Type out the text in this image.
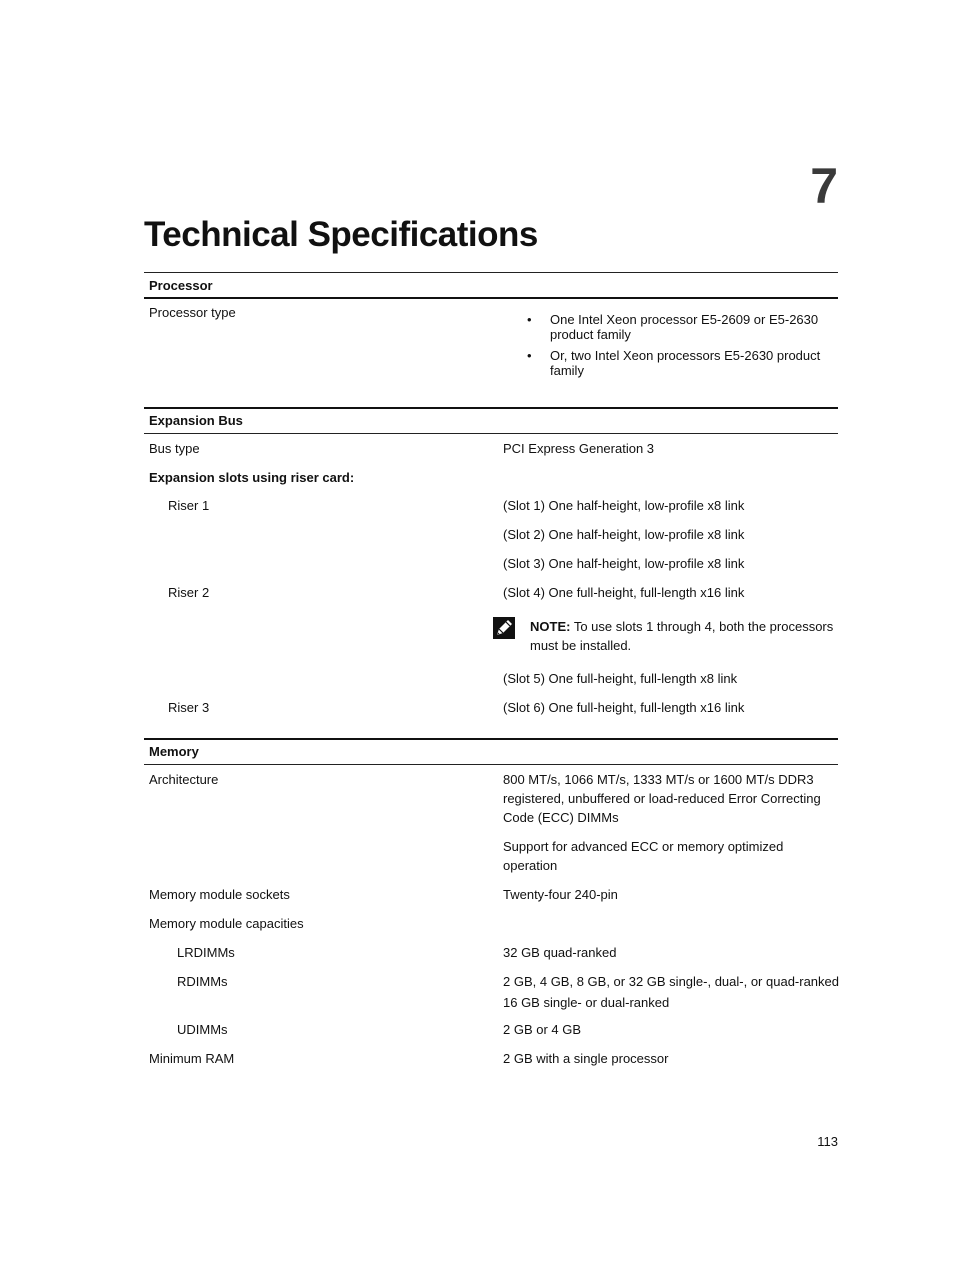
7
Technical Specifications
Processor
Processor type	• One Intel Xeon processor E5-2609 or E5-2630 product family
• Or, two Intel Xeon processors E5-2630 product family
Expansion Bus
Bus type	PCI Express Generation 3
Expansion slots using riser card:
Riser 1	(Slot 1) One half-height, low-profile x8 link
(Slot 2) One half-height, low-profile x8 link
(Slot 3) One half-height, low-profile x8 link
Riser 2	(Slot 4) One full-height, full-length x16 link
NOTE: To use slots 1 through 4, both the processors must be installed.
(Slot 5) One full-height, full-length x8 link
Riser 3	(Slot 6) One full-height, full-length x16 link
Memory
Architecture	800 MT/s, 1066 MT/s, 1333 MT/s or 1600 MT/s DDR3 registered, unbuffered or load-reduced Error Correcting Code (ECC) DIMMs
Support for advanced ECC or memory optimized operation
Memory module sockets	Twenty-four 240-pin
Memory module capacities
LRDIMMs	32 GB quad-ranked
RDIMMs	2 GB, 4 GB, 8 GB, or 32 GB single-, dual-, or quad-ranked
16 GB single- or dual-ranked
UDIMMs	2 GB or 4 GB
Minimum RAM	2 GB with a single processor
113
